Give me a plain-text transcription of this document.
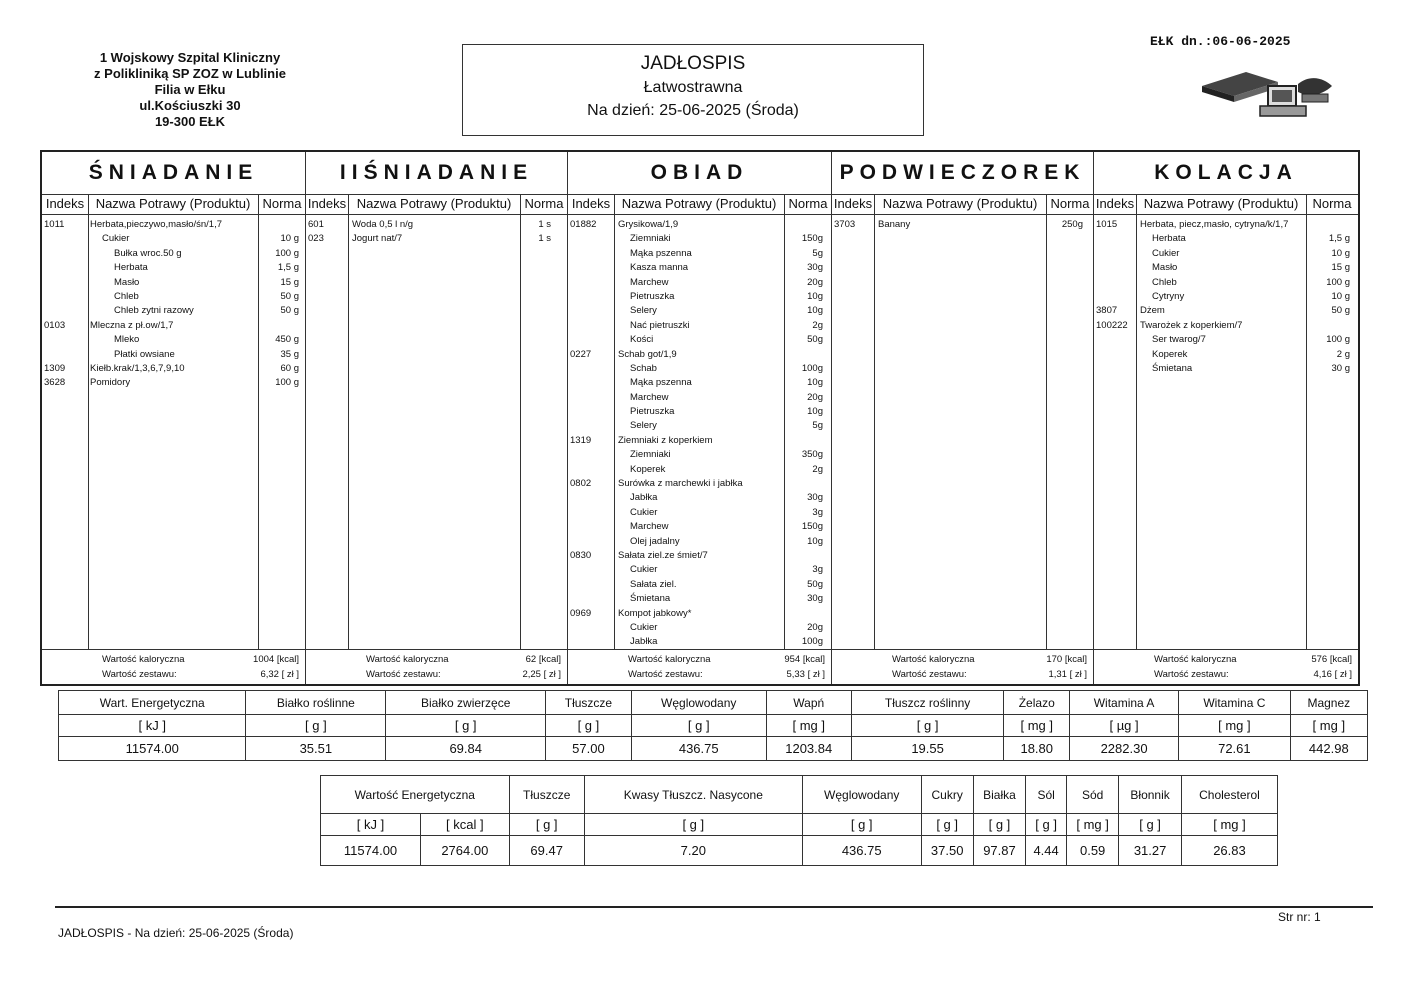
1 Wojskowy Szpital Kliniczny
z Polikliniką SP ZOZ w Lublinie
Filia w Ełku
ul.Kościuszki 30
19-300 EŁK
JADŁOSPIS
Łatwostrawna
Na dzień: 25-06-2025 (Środa)
EŁK dn.:06-06-2025
ŚNIADANIE
Indeks Nazwa Potrawy (Produktu) Norma
1011	Herbata,pieczywo,masło/śn/1,7
Cukier	10 g
Bułka wroc.50 g	100 g
Herbata	1,5 g
Masło	15 g
Chleb	50 g
Chleb zytni razowy	50 g
0103	Mleczna z pł.ow/1,7
Mleko	450 g
Płatki owsiane	35 g
1309	Kiełb.krak/1,3,6,7,9,10	60 g
3628	Pomidory	100 g
Wartość kaloryczna	1004 [kcal]
Wartość zestawu:	6,32 [ zł ]
IIŚNIADANIE
Indeks Nazwa Potrawy (Produktu)	Norma
601	Woda 0,5 l n/g	1 s
023	Jogurt nat/7	1 s
Wartość kaloryczna	62 [kcal]
Wartość zestawu:	2,25 [ zł ]
OBIAD
Indeks Nazwa Potrawy (Produktu) Norma
01882 Grysikowa/1,9
Ziemniaki	150g
Mąka pszenna	5g
Kasza manna	30g
Marchew	20g
Pietruszka	10g
Selery	10g
Nać pietruszki	2g
Kości	50g
0227	Schab got/1,9
Schab	100g
Mąka pszenna	10g
Marchew	20g
Pietruszka	10g
Selery	5g
1319	Ziemniaki z koperkiem
Ziemniaki	350g
Koperek	2g
0802	Surówka z marchewki i jabłka
Jabłka	30g
Cukier	3g
Marchew	150g
Olej jadalny	10g
0830	Sałata ziel.ze śmiet/7
Cukier	3g
Sałata ziel.	50g
Śmietana	30g
0969	Kompot jabkowy*
Cukier	20g
Jabłka	100g
Wartość kaloryczna	954 [kcal]
Wartość zestawu:	5,33 [ zł ]
PODWIECZOREK
Indeks Nazwa Potrawy (Produktu)	Norma
3703 Banany	250g
Wartość kaloryczna	170 [kcal]
Wartość zestawu:	1,31 [ zł ]
KOLACJA
Indeks Nazwa Potrawy (Produktu)	Norma
1015 Herbata, piecz,masło, cytryna/k/1,7
Herbata	1,5 g
Cukier	10 g
Masło	15 g
Chleb	100 g
Cytryny	10 g
3807 Dżem	50 g
100222 Twarożek z koperkiem/7
Ser twarog/7	100 g
Koperek	2 g
Śmietana	30 g
Wartość kaloryczna	576 [kcal]
Wartość zestawu:	4,16 [ zł ]
Wart. Energetyczna	Białko roślinne	Białko zwierzęce	Tłuszcze	Węglowodany	Wapń	Tłuszcz roślinny	Żelazo	Witamina A	Witamina C	Magnez
[ kJ ]	[ g ]	[ g ]	[ g ]	[ g ]	[ mg ]	[ g ]	[ mg ]	[ µg ]	[ mg ]	[ mg ]
11574.00	35.51	69.84	57.00	436.75	1203.84	19.55	18.80	2282.30	72.61	442.98
Wartość Energetyczna		Tłuszcze	Kwasy Tłuszcz. Nasycone	Węglowodany	Cukry	Białka	Sól	Sód	Błonnik	Cholesterol
[ kJ ]	[ kcal ]	[ g ]	[ g ]	[ g ]	[ g ]	[ g ]	[ g ]	[ mg ]	[ g ]	[ mg ]
11574.00	2764.00	69.47	7.20	436.75	37.50	97.87	4.44	0.59	31.27	26.83
JADŁOSPIS - Na dzień: 25-06-2025 (Środa)
Str nr: 1
